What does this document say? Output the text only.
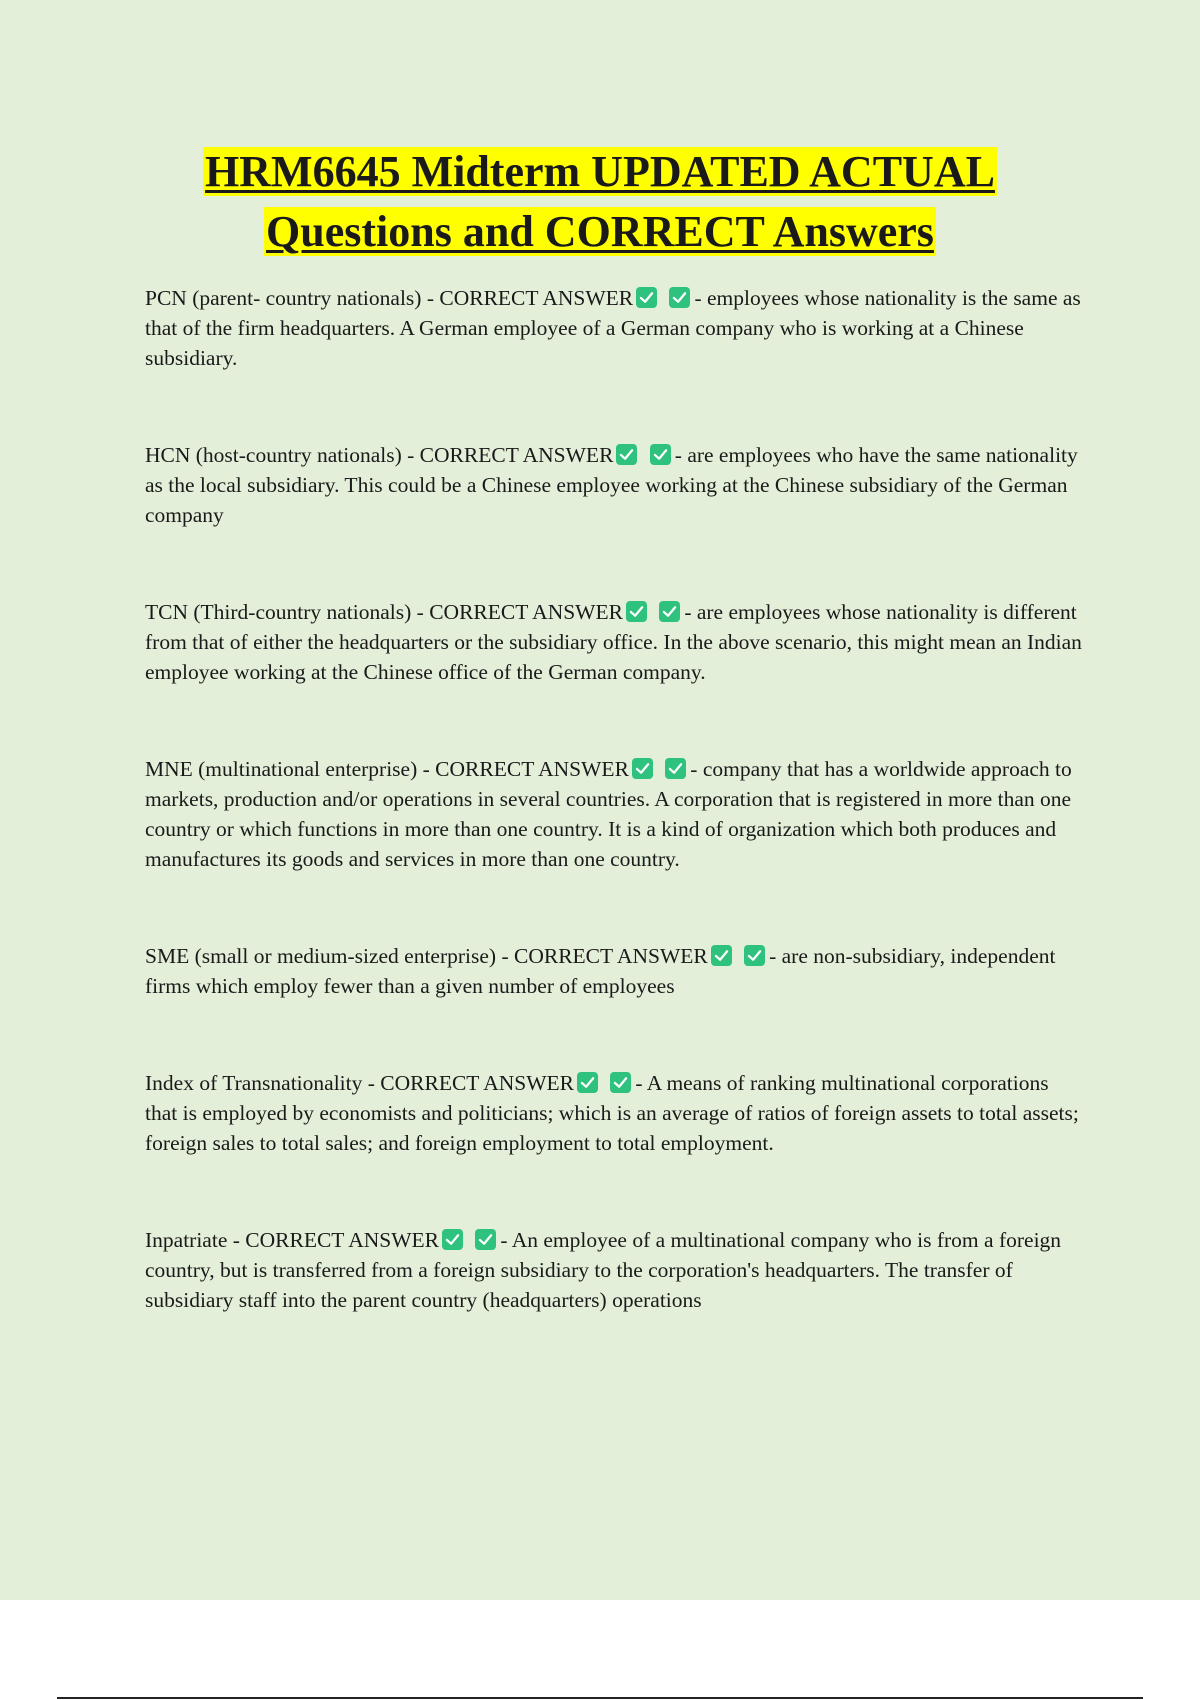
HRM6645 Midterm UPDATED ACTUAL
Questions and CORRECT Answers

PCN (parent- country nationals) - CORRECT ANSWER
	- employees whose nationality is the same as that of the firm headquarters. A German employee of a German company who is working at a Chinese subsidiary.

HCN (host-country nationals) - CORRECT ANSWER
	- are employees who have the same nationality as the local subsidiary. This could be a Chinese employee working at the Chinese subsidiary of the German company

TCN (Third-country nationals) - CORRECT ANSWER
	- are employees whose nationality is different from that of either the headquarters or the subsidiary office. In the above scenario, this might mean an Indian employee working at the Chinese office of the German company.

MNE (multinational enterprise) - CORRECT ANSWER
	- company that has a worldwide approach to markets, production and/or operations in several countries. A corporation that is registered in more than one country or which functions in more than one country. It is a kind of organization which both produces and manufactures its goods and services in more than one country.

SME (small or medium-sized enterprise) - CORRECT ANSWER
	- are non-subsidiary, independent firms which employ fewer than a given number of employees

Index of Transnationality - CORRECT ANSWER
	- A means of ranking multinational corporations that is employed by economists and politicians; which is an average of ratios of foreign assets to total assets; foreign sales to total sales; and foreign employment to total employment.

Inpatriate - CORRECT ANSWER
	- An employee of a multinational company who is from a foreign country, but is transferred from a foreign subsidiary to the corporation's headquarters. The transfer of subsidiary staff into the parent country (headquarters) operations
